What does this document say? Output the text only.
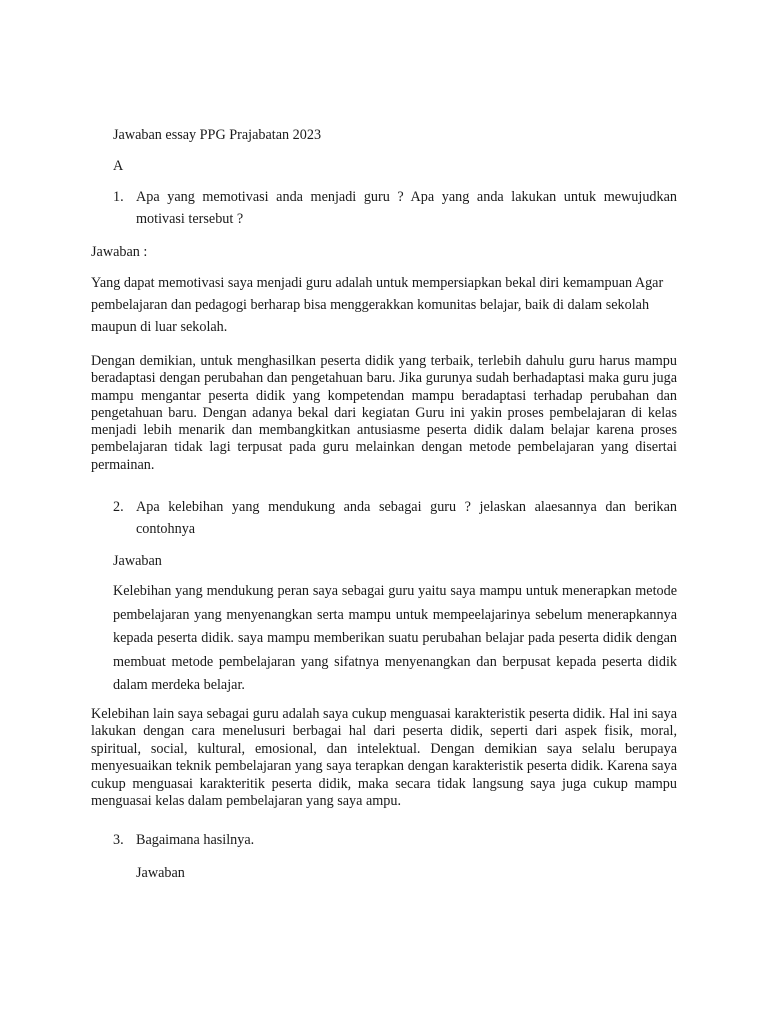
Jawaban essay PPG Prajabatan 2023

A

1. Apa yang memotivasi anda menjadi guru ? Apa yang anda lakukan untuk mewujudkan motivasi tersebut ?

Jawaban :

Yang dapat memotivasi saya menjadi guru adalah untuk mempersiapkan bekal diri kemampuan Agar pembelajaran dan pedagogi berharap bisa menggerakkan komunitas belajar, baik di dalam sekolah maupun di luar sekolah.

Dengan demikian, untuk menghasilkan peserta didik yang terbaik, terlebih dahulu guru harus mampu beradaptasi dengan perubahan dan pengetahuan baru. Jika gurunya sudah berhadaptasi maka guru juga mampu mengantar peserta didik yang kompetendan mampu beradaptasi terhadap perubahan dan pengetahuan baru. Dengan adanya bekal dari kegiatan Guru ini yakin proses pembelajaran di kelas menjadi lebih menarik dan membangkitkan antusiasme peserta didik dalam belajar karena proses pembelajaran tidak lagi terpusat pada guru melainkan dengan metode pembelajaran yang disertai permainan.

2. Apa kelebihan yang mendukung anda sebagai guru ? jelaskan alaesannya dan berikan contohnya

Jawaban

Kelebihan yang mendukung peran saya sebagai guru yaitu saya mampu untuk menerapkan metode pembelajaran yang menyenangkan serta mampu untuk mempeelajarinya sebelum menerapkannya kepada peserta didik. saya mampu memberikan suatu perubahan belajar pada peserta didik dengan membuat metode pembelajaran yang sifatnya menyenangkan dan berpusat kepada peserta didik dalam merdeka belajar.

Kelebihan lain saya sebagai guru adalah saya cukup menguasai karakteristik peserta didik. Hal ini saya lakukan dengan cara menelusuri berbagai hal dari peserta didik, seperti dari aspek fisik, moral, spiritual, social, kultural, emosional, dan intelektual. Dengan demikian saya selalu berupaya menyesuaikan teknik pembelajaran yang saya terapkan dengan karakteristik peserta didik. Karena saya cukup menguasai karakteritik peserta didik, maka secara tidak langsung saya juga cukup mampu menguasai kelas dalam pembelajaran yang saya ampu.

3. Bagaimana hasilnya.

Jawaban
